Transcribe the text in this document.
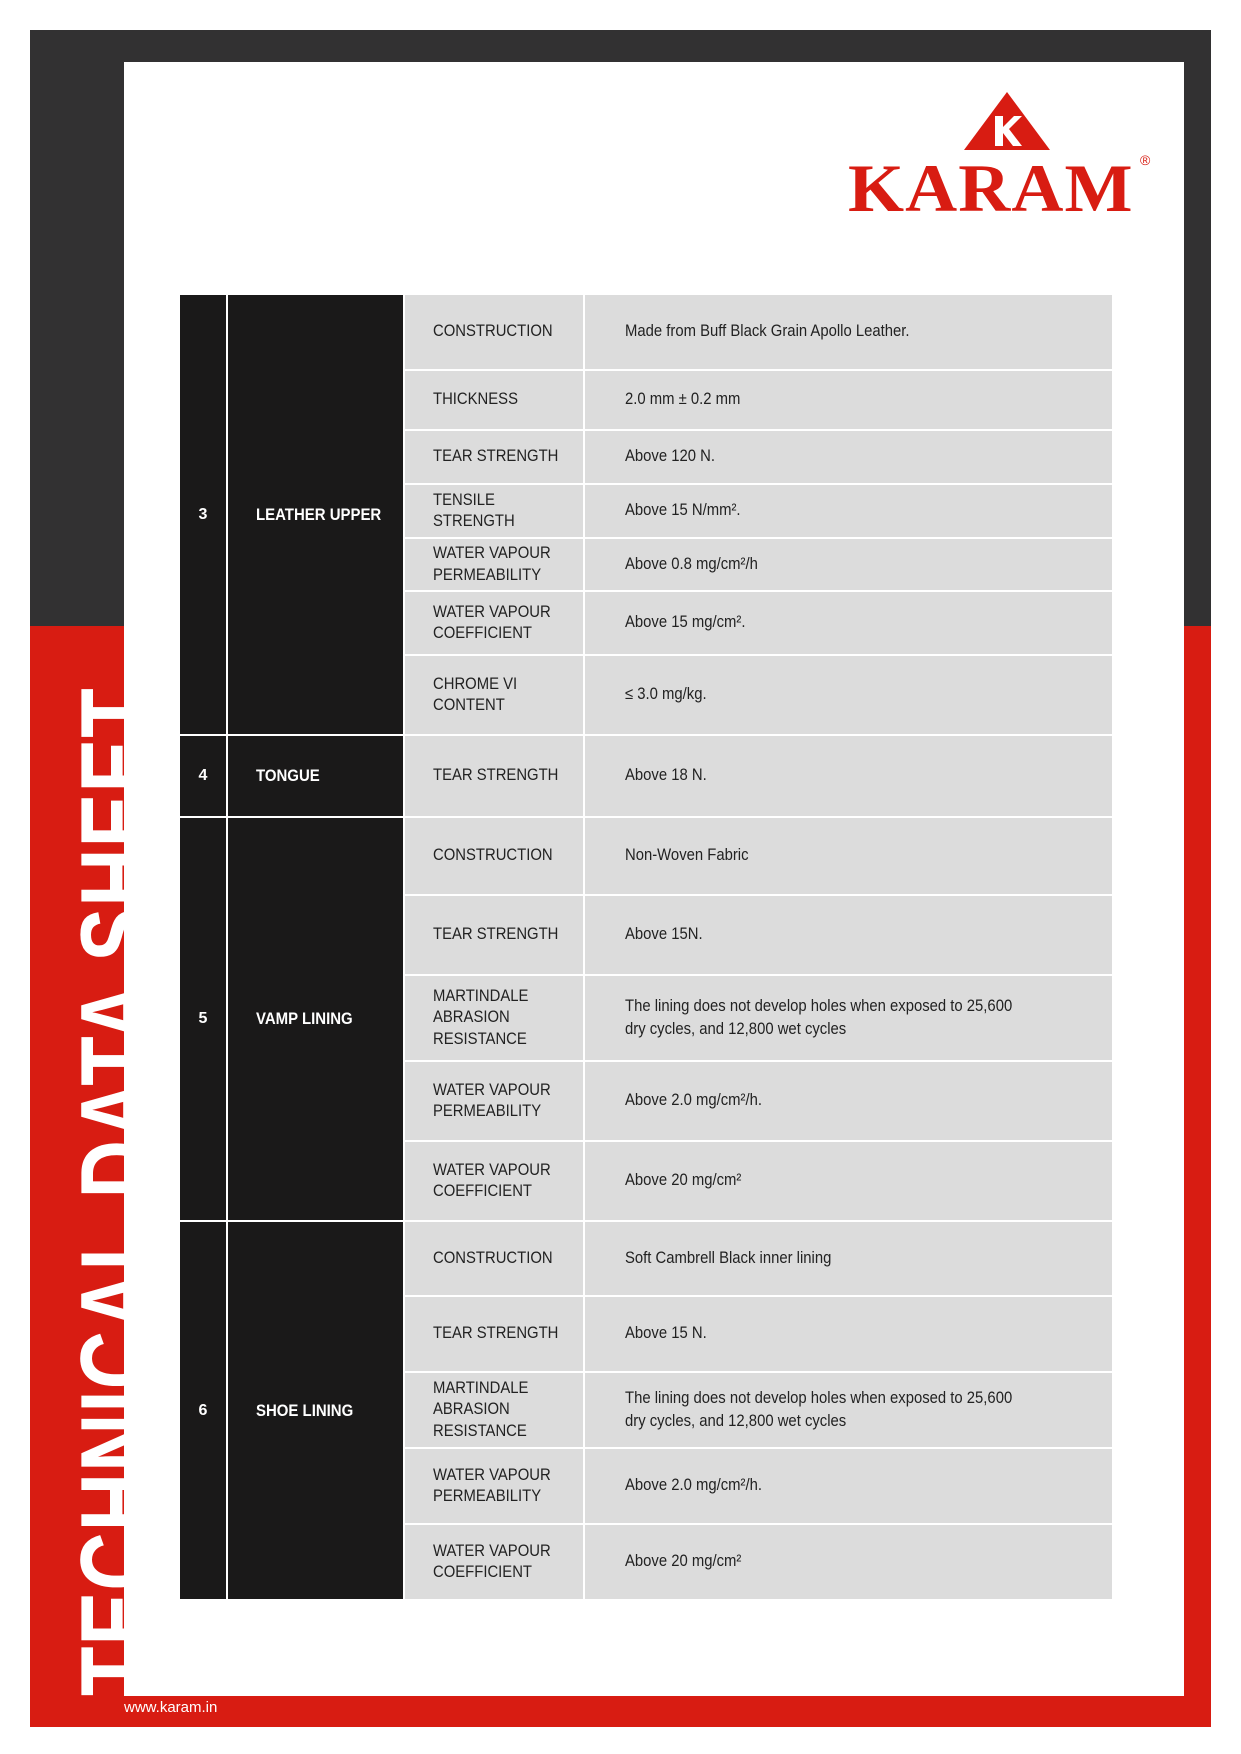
TECHNICAL DATA SHEET
www.karam.in
KARAM ®
3	LEATHER UPPER	CONSTRUCTION	Made from Buff Black Grain Apollo Leather.
		THICKNESS	2.0 mm ± 0.2 mm
		TEAR STRENGTH	Above 120 N.
		TENSILE STRENGTH	Above 15 N/mm².
		WATER VAPOUR
PERMEABILITY	Above 0.8 mg/cm²/h
		WATER VAPOUR
COEFFICIENT	Above 15 mg/cm².
		CHROME VI
CONTENT	≤ 3.0 mg/kg.
4	TONGUE	TEAR STRENGTH	Above 18 N.
5	VAMP LINING	CONSTRUCTION	Non-Woven Fabric
		TEAR STRENGTH	Above 15N.
		MARTINDALE
ABRASION
RESISTANCE	The lining does not develop holes when exposed to 25,600
dry cycles, and 12,800 wet cycles
		WATER VAPOUR
PERMEABILITY	Above 2.0 mg/cm²/h.
		WATER VAPOUR
COEFFICIENT	Above 20 mg/cm²
6	SHOE LINING	CONSTRUCTION	Soft Cambrell Black inner lining
		TEAR STRENGTH	Above 15 N.
		MARTINDALE
ABRASION
RESISTANCE	The lining does not develop holes when exposed to 25,600
dry cycles, and 12,800 wet cycles
		WATER VAPOUR
PERMEABILITY	Above 2.0 mg/cm²/h.
		WATER VAPOUR
COEFFICIENT	Above 20 mg/cm²
